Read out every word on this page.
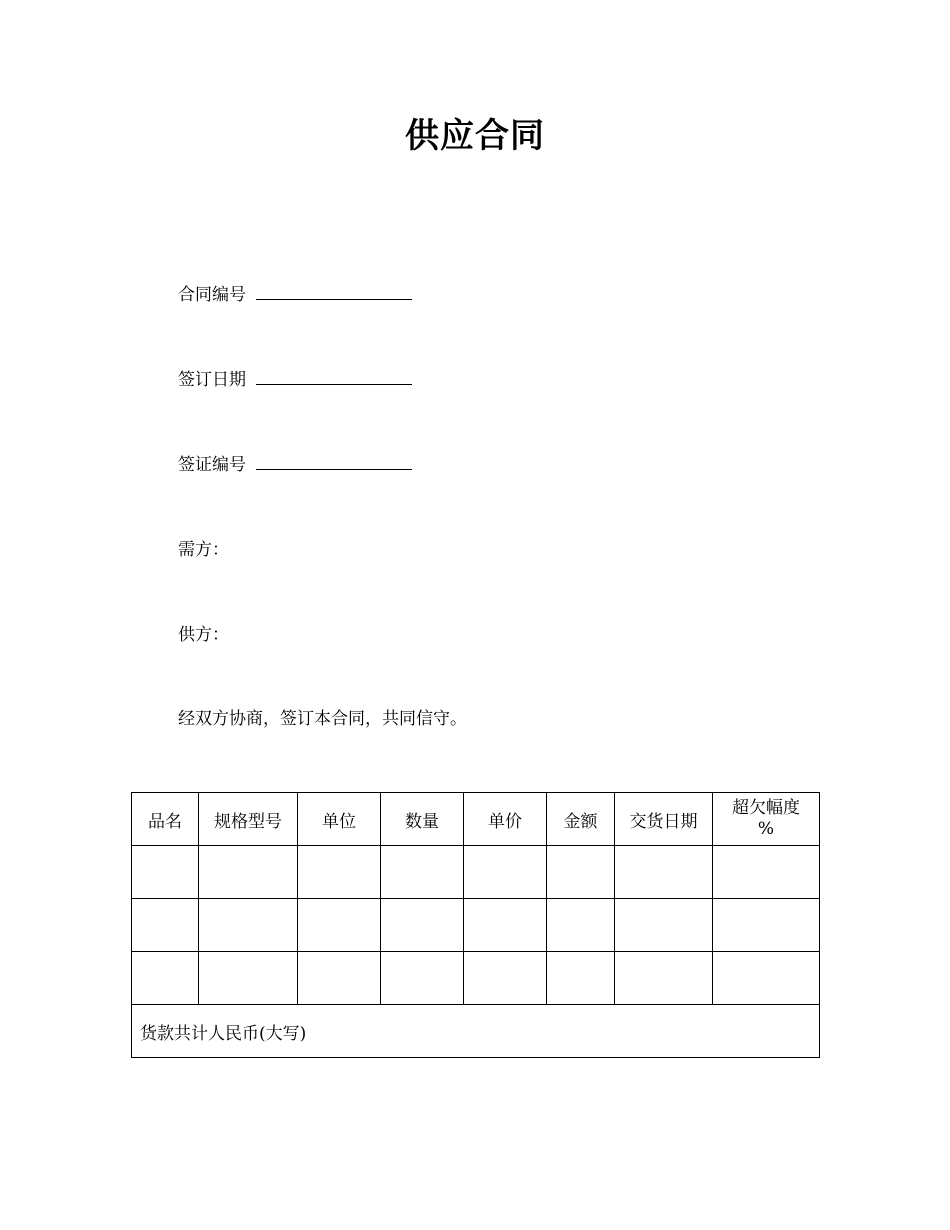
供应合同
合同编号
签订日期
签证编号
需方：
供方：
经双方协商，签订本合同，共同信守。
品名	规格型号	单位	数量	单价	金额	交货日期	超欠幅度
%

货款共计人民币(大写)							
